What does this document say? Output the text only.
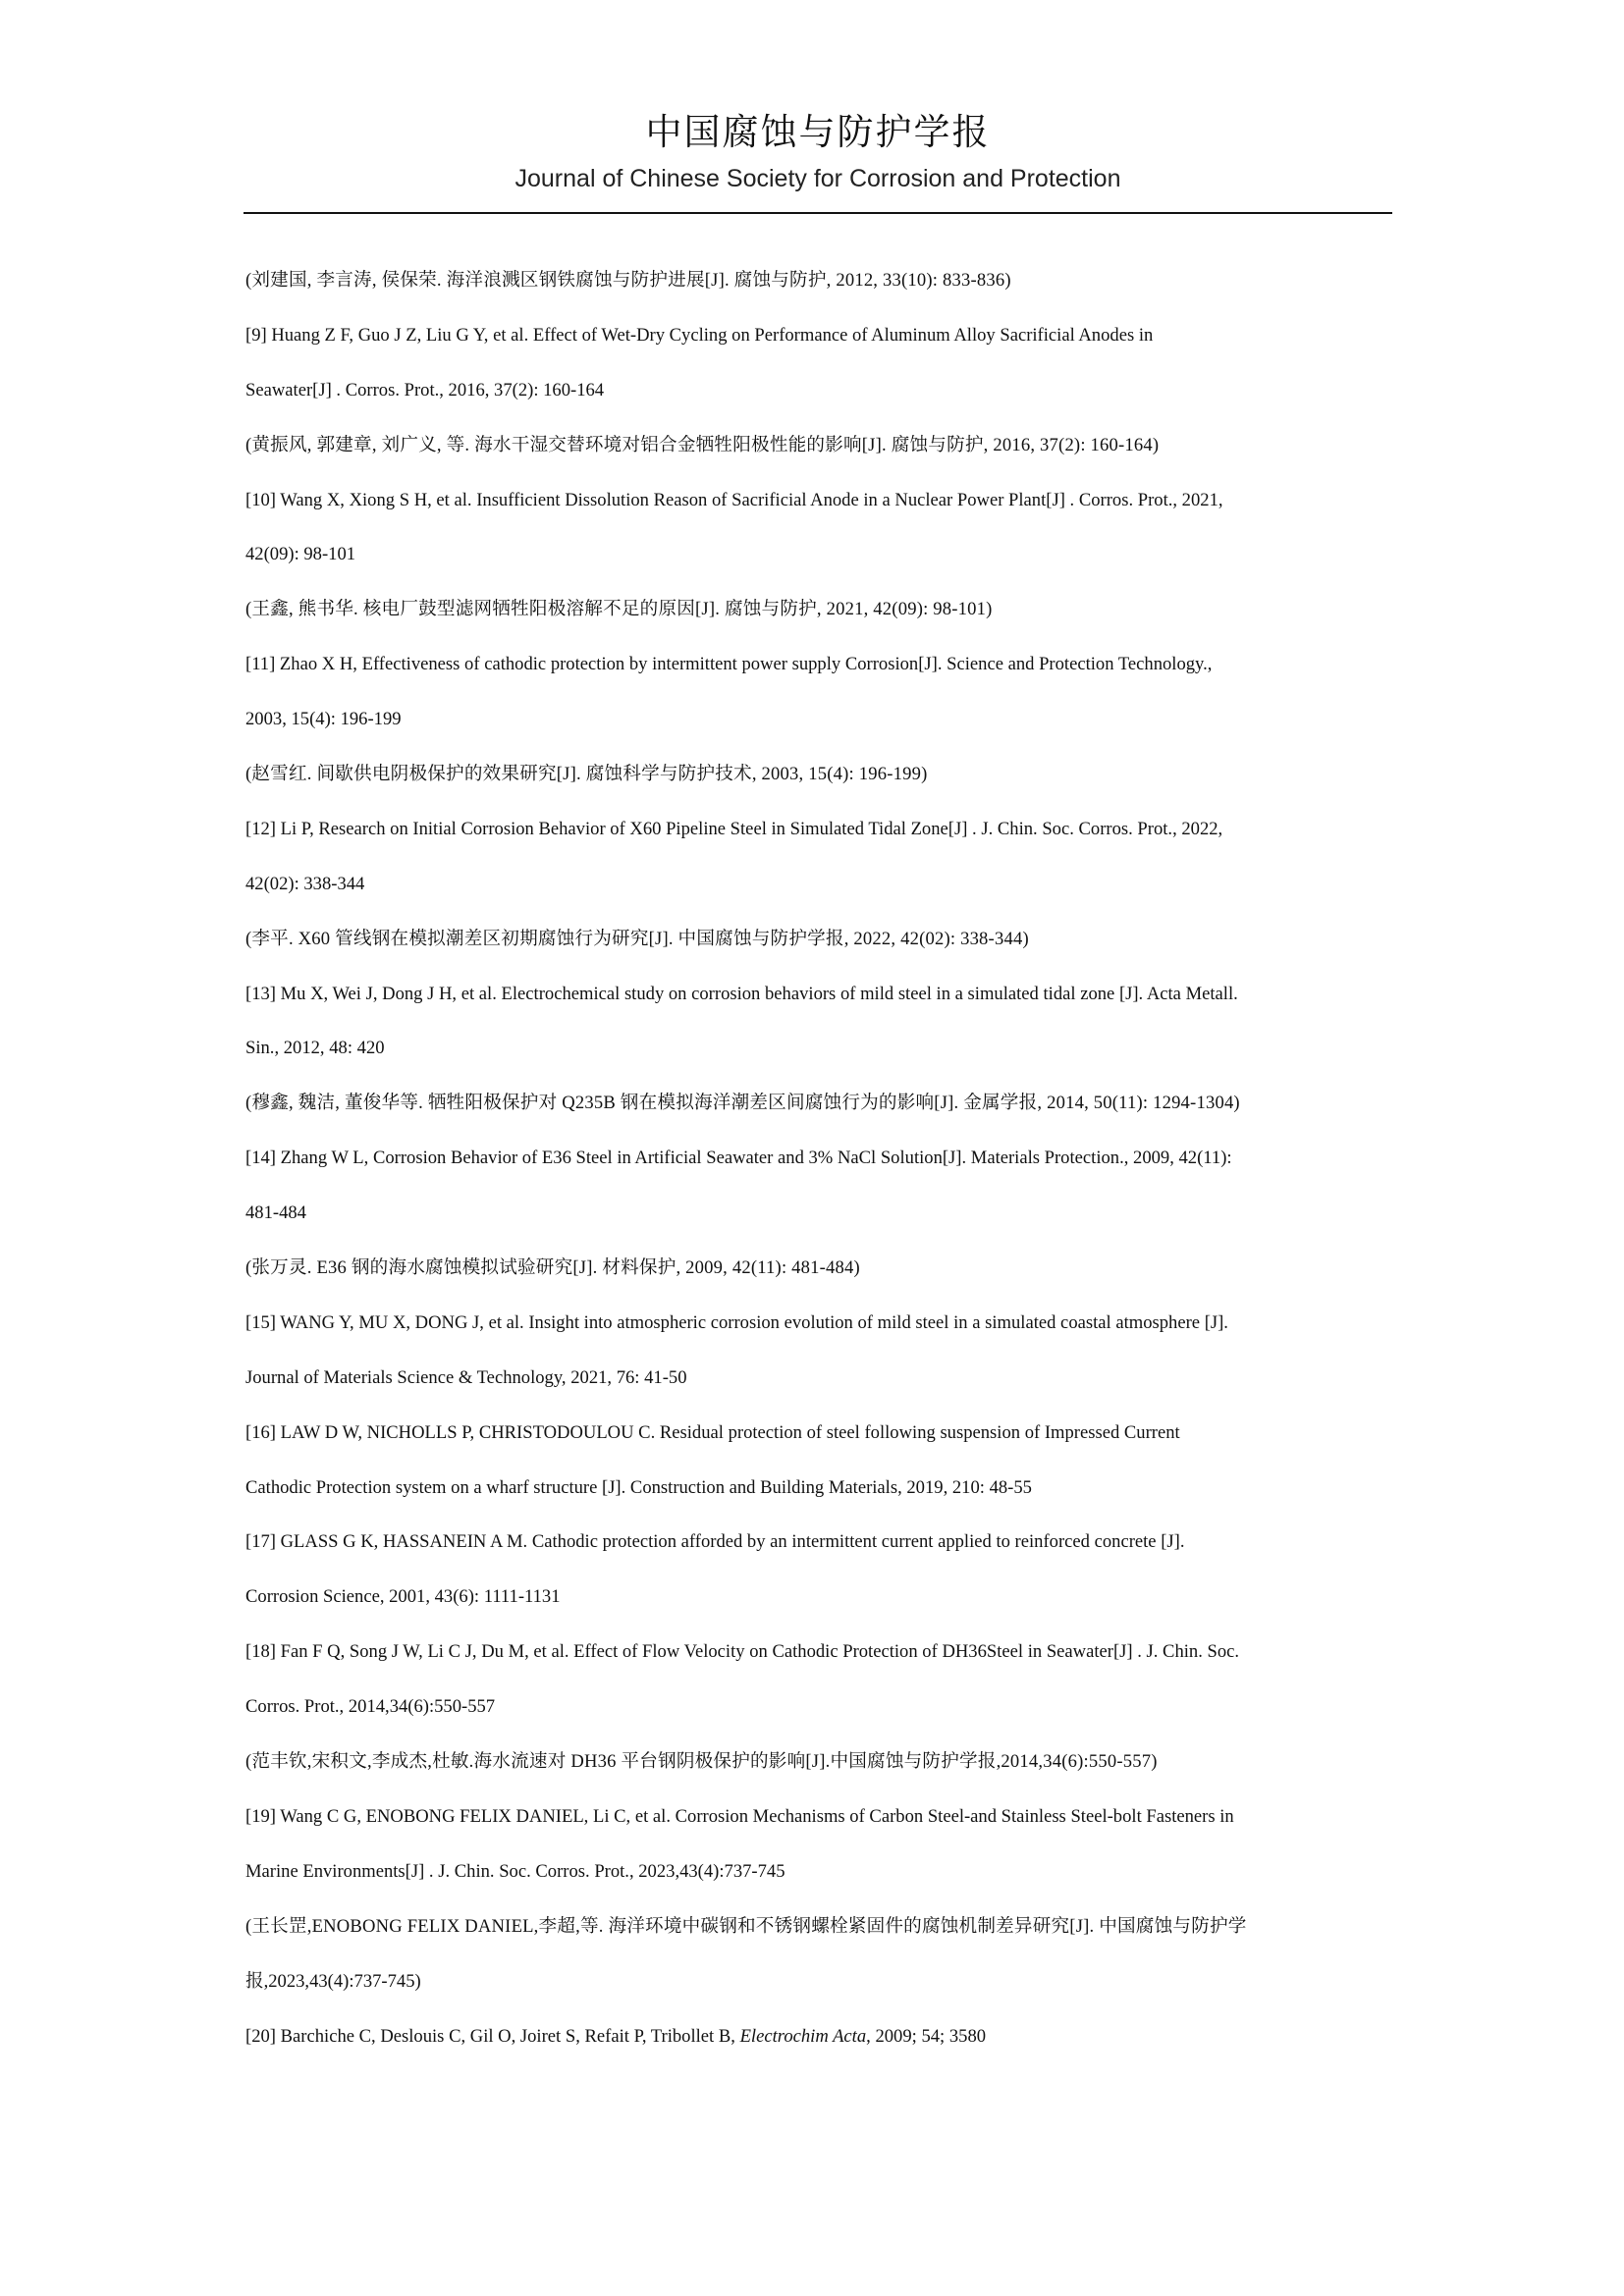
中国腐蚀与防护学报
Journal of Chinese Society for Corrosion and Protection
(刘建国, 李言涛, 侯保荣. 海洋浪溅区钢铁腐蚀与防护进展[J]. 腐蚀与防护, 2012, 33(10): 833-836)
[9] Huang Z F, Guo J Z, Liu G Y, et al. Effect of Wet-Dry Cycling on Performance of Aluminum Alloy Sacrificial Anodes in
Seawater[J] . Corros. Prot., 2016, 37(2): 160-164
(黄振风, 郭建章, 刘广义, 等. 海水干湿交替环境对铝合金牺牲阳极性能的影响[J]. 腐蚀与防护, 2016, 37(2): 160-164)
[10] Wang X, Xiong S H, et al. Insufficient Dissolution Reason of Sacrificial Anode in a Nuclear Power Plant[J] . Corros. Prot., 2021,
42(09): 98-101
(王鑫, 熊书华. 核电厂鼓型滤网牺牲阳极溶解不足的原因[J]. 腐蚀与防护, 2021, 42(09): 98-101)
[11] Zhao X H, Effectiveness of cathodic protection by intermittent power supply Corrosion[J]. Science and Protection Technology.,
2003, 15(4): 196-199
(赵雪红. 间歇供电阴极保护的效果研究[J]. 腐蚀科学与防护技术, 2003, 15(4): 196-199)
[12] Li P, Research on Initial Corrosion Behavior of X60 Pipeline Steel in Simulated Tidal Zone[J] . J. Chin. Soc. Corros. Prot., 2022,
42(02): 338-344
(李平. X60 管线钢在模拟潮差区初期腐蚀行为研究[J]. 中国腐蚀与防护学报, 2022, 42(02): 338-344)
[13] Mu X, Wei J, Dong J H, et al. Electrochemical study on corrosion behaviors of mild steel in a simulated tidal zone [J]. Acta Metall.
Sin., 2012, 48: 420
(穆鑫, 魏洁, 董俊华等. 牺牲阳极保护对 Q235B 钢在模拟海洋潮差区间腐蚀行为的影响[J]. 金属学报, 2014, 50(11): 1294-1304)
[14] Zhang W L, Corrosion Behavior of E36 Steel in Artificial Seawater and 3% NaCl Solution[J]. Materials Protection., 2009, 42(11):
481-484
(张万灵. E36 钢的海水腐蚀模拟试验研究[J]. 材料保护, 2009, 42(11): 481-484)
[15] WANG Y, MU X, DONG J, et al. Insight into atmospheric corrosion evolution of mild steel in a simulated coastal atmosphere [J].
Journal of Materials Science & Technology, 2021, 76: 41-50
[16] LAW D W, NICHOLLS P, CHRISTODOULOU C. Residual protection of steel following suspension of Impressed Current
Cathodic Protection system on a wharf structure [J]. Construction and Building Materials, 2019, 210: 48-55
[17] GLASS G K, HASSANEIN A M. Cathodic protection afforded by an intermittent current applied to reinforced concrete [J].
Corrosion Science, 2001, 43(6): 1111-1131
[18] Fan F Q, Song J W, Li C J, Du M, et al. Effect of Flow Velocity on Cathodic Protection of DH36Steel in Seawater[J] . J. Chin. Soc.
Corros. Prot., 2014,34(6):550-557
(范丰钦,宋积文,李成杰,杜敏.海水流速对 DH36 平台钢阴极保护的影响[J].中国腐蚀与防护学报,2014,34(6):550-557)
[19] Wang C G, ENOBONG FELIX DANIEL, Li C, et al. Corrosion Mechanisms of Carbon Steel-and Stainless Steel-bolt Fasteners in
Marine Environments[J] . J. Chin. Soc. Corros. Prot., 2023,43(4):737-745
(王长罡,ENOBONG FELIX DANIEL,李超,等. 海洋环境中碳钢和不锈钢螺栓紧固件的腐蚀机制差异研究[J]. 中国腐蚀与防护学
报,2023,43(4):737-745)
[20] Barchiche C, Deslouis C, Gil O, Joiret S, Refait P, Tribollet B, Electrochim Acta, 2009; 54; 3580
